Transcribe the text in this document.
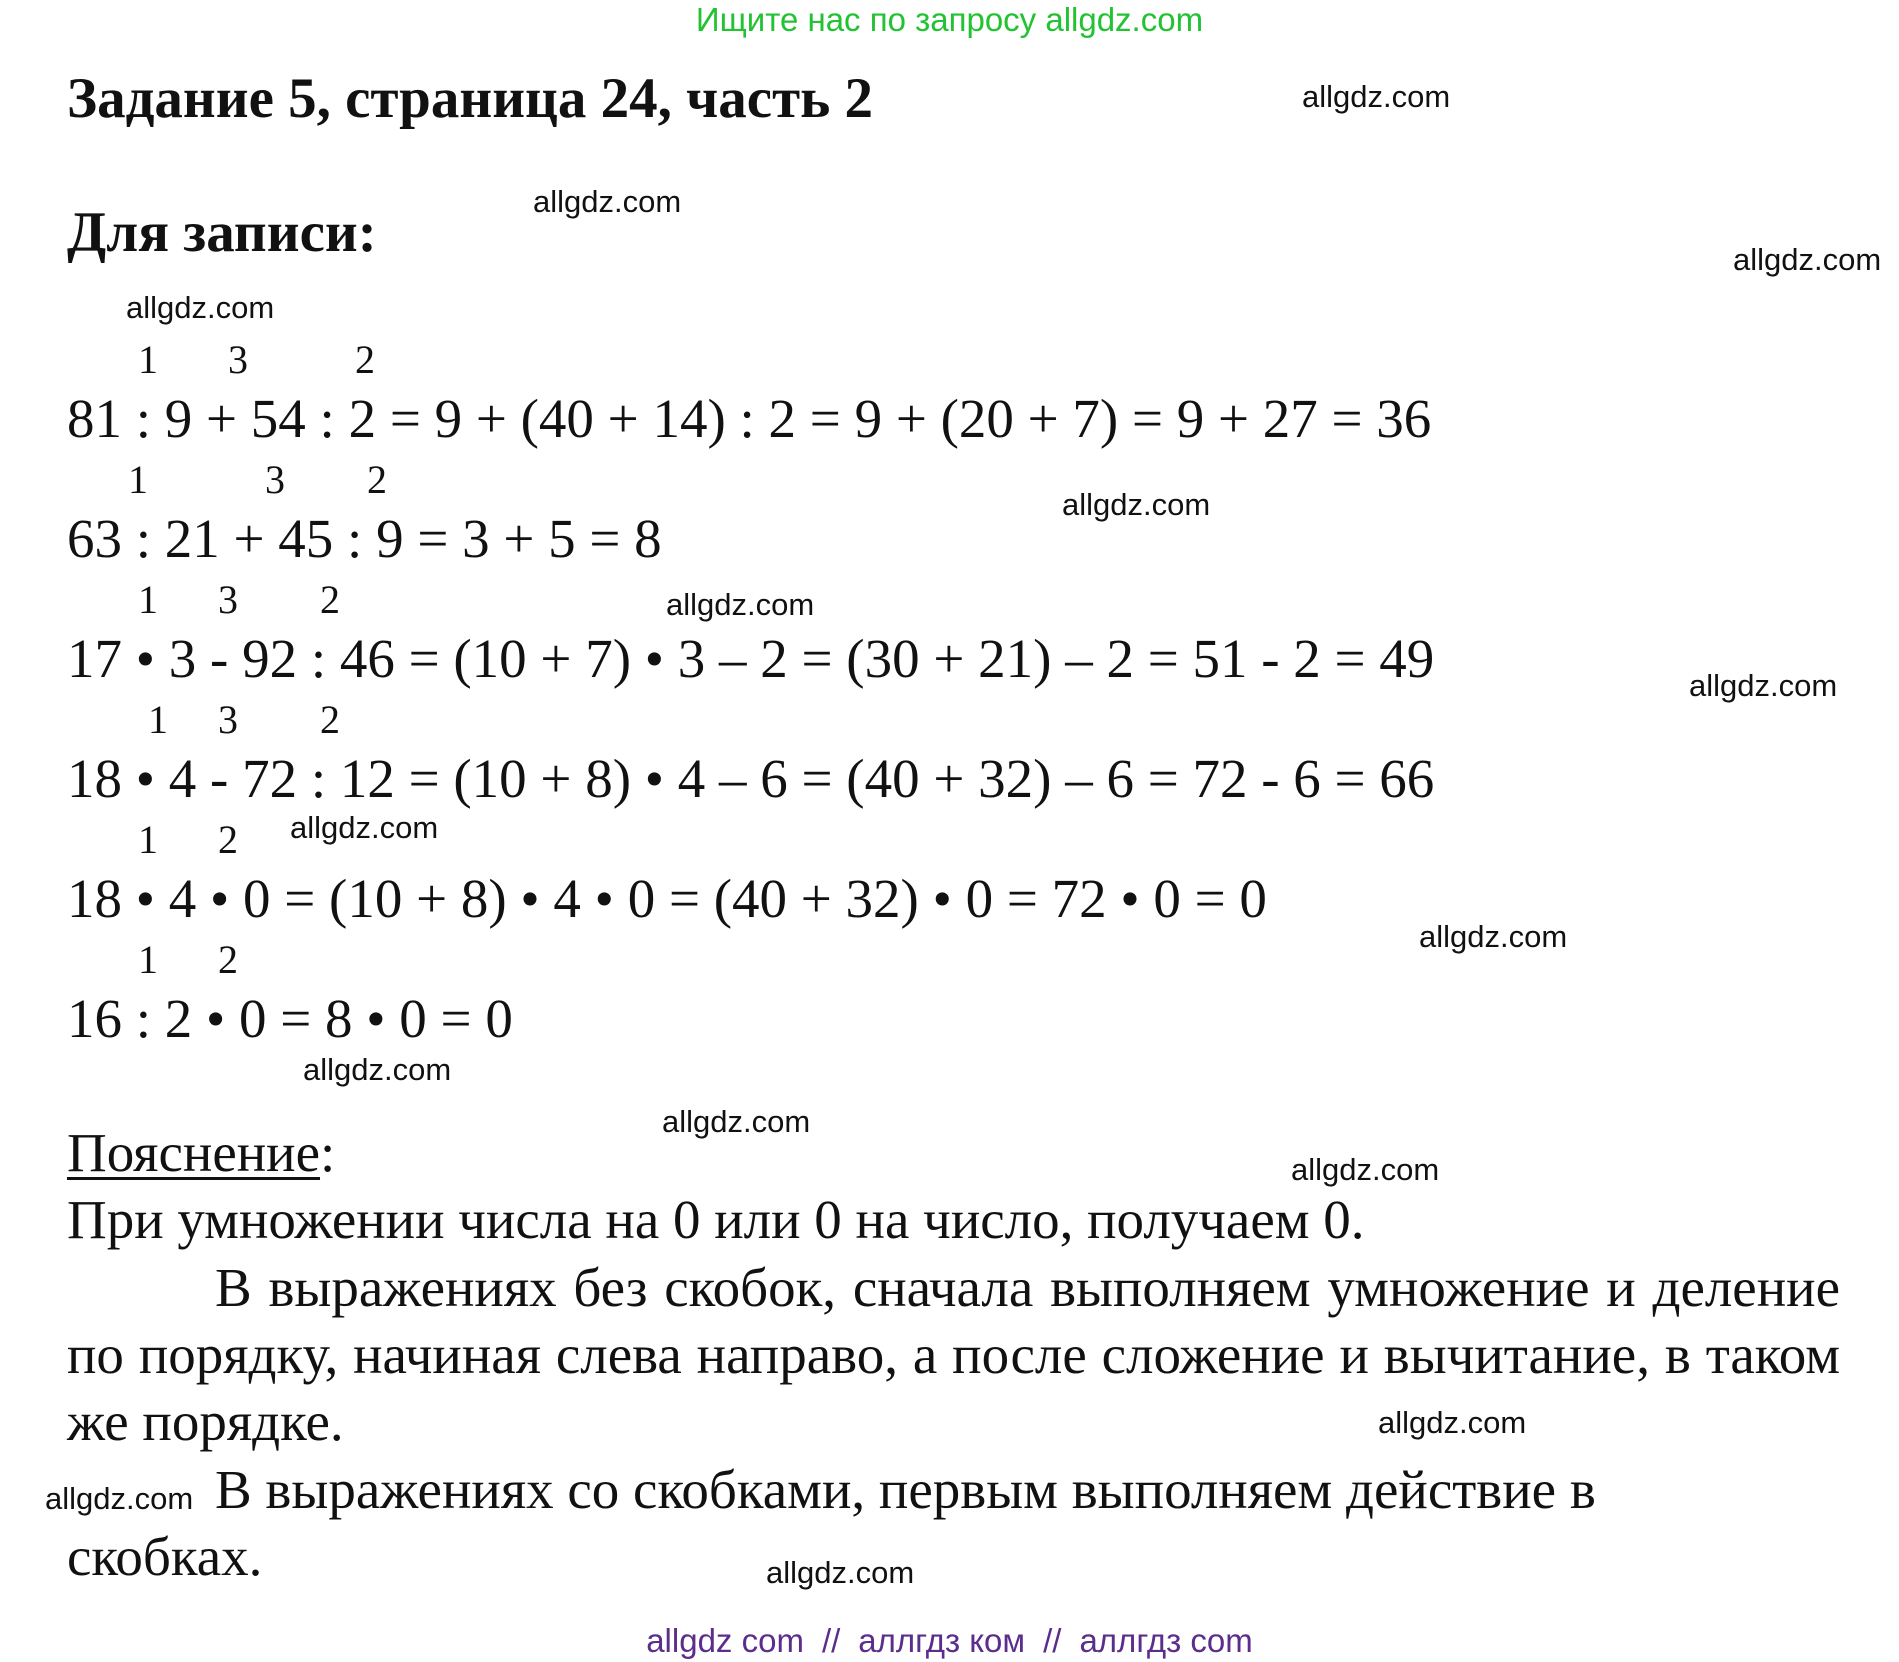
Ищите нас по запросу allgdz.com
Задание 5, страница 24, часть 2
Для записи:
1 3	2
81 : 9 + 54 : 2 = 9 + (40 + 14) : 2 = 9 + (20 + 7) = 9 + 27 = 36
1	3 2
63 : 21 + 45 : 9 = 3 + 5 = 8
1 3 2
17 • 3 - 92 : 46 = (10 + 7) • 3 – 2 = (30 + 21) – 2 = 51 - 2 = 49
1 3 2
18 • 4 - 72 : 12 = (10 + 8) • 4 – 6 = (40 + 32) – 6 = 72 - 6 = 66
1 2
18 • 4 • 0 = (10 + 8) • 4 • 0 = (40 + 32) • 0 = 72 • 0 = 0
1 2
16 : 2 • 0 = 8 • 0 = 0
Пояснение:

При умножении числа на 0 или 0 на число, получаем 0.

В выражениях без скобок, сначала выполняем умножение и деление по порядку, начиная слева направо, а после сложение и вычитание, в таком же порядке.

В выражениях со скобками, первым выполняем действие в

скобках.

allgdz.com
allgdz.com
allgdz.com
allgdz.com
allgdz.com
allgdz.com
allgdz.com
allgdz.com
allgdz.com
allgdz.com
allgdz.com
allgdz.com
allgdz.com
allgdz.com
allgdz.com
allgdz com // аллгдз ком // аллгдз com
